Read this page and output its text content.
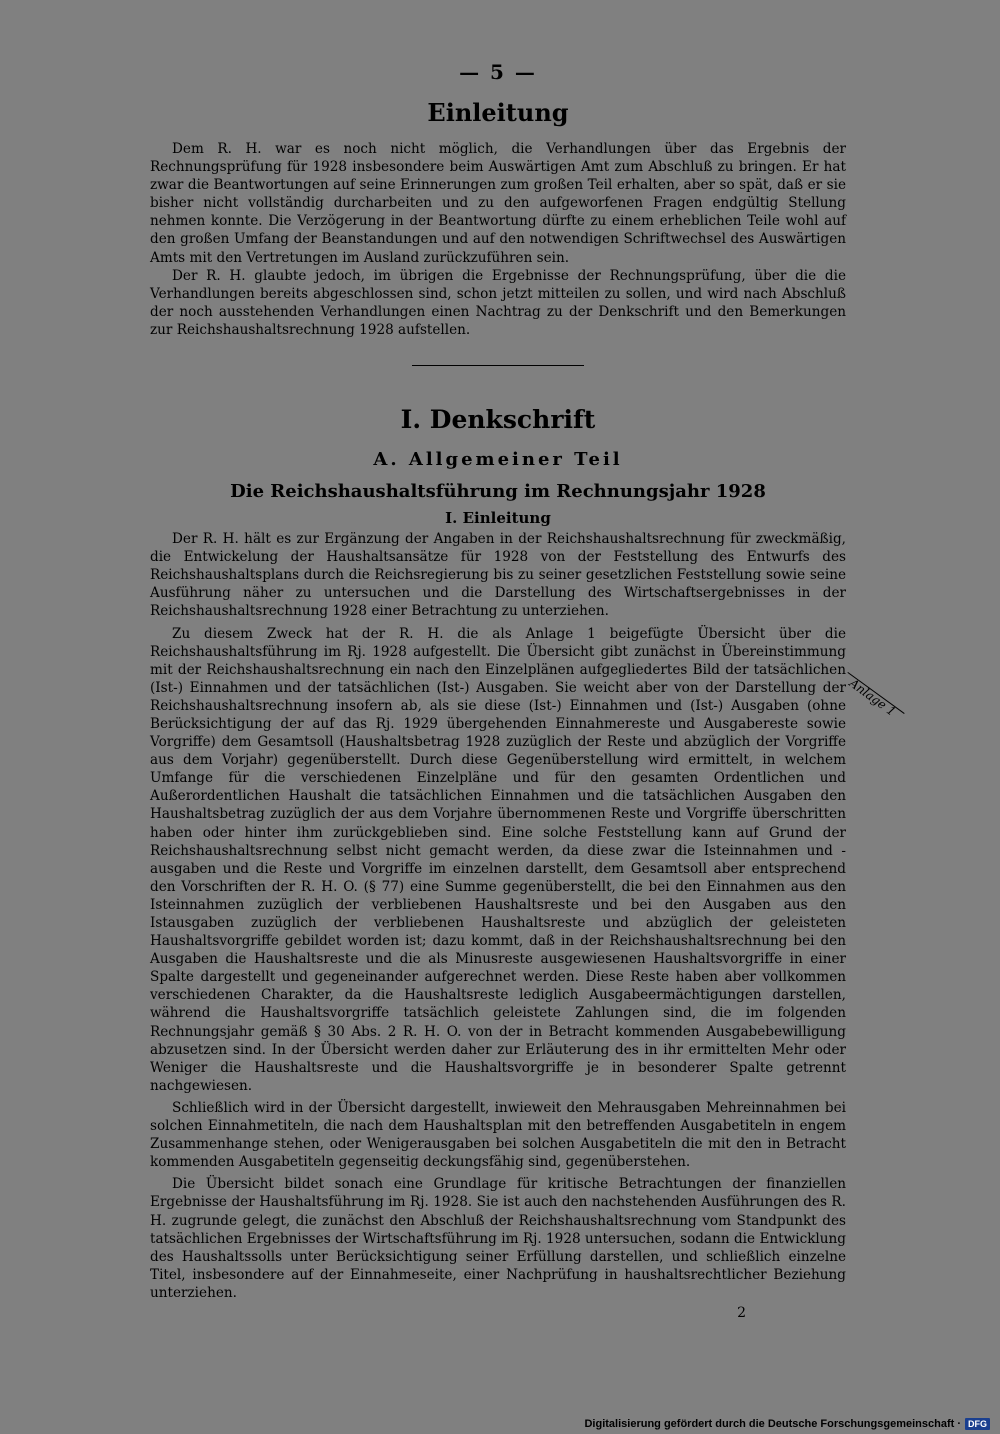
— 5 —
Einleitung

Dem R. H. war es noch nicht möglich, die Verhandlungen über das Ergebnis der Rechnungsprüfung für 1928 insbesondere beim Auswärtigen Amt zum Abschluß zu bringen. Er hat zwar die Beantwortungen auf seine Erinnerungen zum großen Teil erhalten, aber so spät, daß er sie bisher nicht vollständig durcharbeiten und zu den aufgeworfenen Fragen endgültig Stellung nehmen konnte. Die Verzögerung in der Beantwortung dürfte zu einem erheblichen Teile wohl auf den großen Umfang der Beanstandungen und auf den notwendigen Schriftwechsel des Auswärtigen Amts mit den Vertretungen im Ausland zurückzuführen sein.

Der R. H. glaubte jedoch, im übrigen die Ergebnisse der Rechnungsprüfung, über die die Verhandlungen bereits abgeschlossen sind, schon jetzt mitteilen zu sollen, und wird nach Abschluß der noch ausstehenden Verhandlungen einen Nachtrag zu der Denkschrift und den Bemerkungen zur Reichshaushaltsrechnung 1928 aufstellen.

I. Denkschrift
A. Allgemeiner Teil
Die Reichshaushaltsführung im Rechnungsjahr 1928
I. Einleitung

Der R. H. hält es zur Ergänzung der Angaben in der Reichshaushaltsrechnung für zweckmäßig, die Entwickelung der Haushaltsansätze für 1928 von der Feststellung des Entwurfs des Reichshaushaltsplans durch die Reichsregierung bis zu seiner gesetzlichen Feststellung sowie seine Ausführung näher zu untersuchen und die Darstellung des Wirtschaftsergebnisses in der Reichshaushaltsrechnung 1928 einer Betrachtung zu unterziehen.

Zu diesem Zweck hat der R. H. die als Anlage 1 beigefügte Übersicht über die Reichshaushaltsführung im Rj. 1928 aufgestellt. Die Übersicht gibt zunächst in Übereinstimmung mit der Reichshaushaltsrechnung ein nach den Einzelplänen aufgegliedertes Bild der tatsächlichen (Ist-) Einnahmen und der tatsächlichen (Ist-) Ausgaben. Sie weicht aber von der Darstellung der Reichshaushaltsrechnung insofern ab, als sie diese (Ist-) Einnahmen und (Ist-) Ausgaben (ohne Berücksichtigung der auf das Rj. 1929 übergehenden Einnahmereste und Ausgabereste sowie Vorgriffe) dem Gesamtsoll (Haushaltsbetrag 1928 zuzüglich der Reste und abzüglich der Vorgriffe aus dem Vorjahr) gegenüberstellt. Durch diese Gegenüberstellung wird ermittelt, in welchem Umfange für die verschiedenen Einzelpläne und für den gesamten Ordentlichen und Außerordentlichen Haushalt die tatsächlichen Einnahmen und die tatsächlichen Ausgaben den Haushaltsbetrag zuzüglich der aus dem Vorjahre übernommenen Reste und Vorgriffe überschritten haben oder hinter ihm zurückgeblieben sind. Eine solche Feststellung kann auf Grund der Reichshaushaltsrechnung selbst nicht gemacht werden, da diese zwar die Isteinnahmen und -ausgaben und die Reste und Vorgriffe im einzelnen darstellt, dem Gesamtsoll aber entsprechend den Vorschriften der R. H. O. (§ 77) eine Summe gegenüberstellt, die bei den Einnahmen aus den Isteinnahmen zuzüglich der verbliebenen Haushaltsreste und bei den Ausgaben aus den Istausgaben zuzüglich der verbliebenen Haushaltsreste und abzüglich der geleisteten Haushaltsvorgriffe gebildet worden ist; dazu kommt, daß in der Reichshaushaltsrechnung bei den Ausgaben die Haushaltsreste und die als Minusreste ausgewiesenen Haushaltsvorgriffe in einer Spalte dargestellt und gegeneinander aufgerechnet werden. Diese Reste haben aber vollkommen verschiedenen Charakter, da die Haushaltsreste lediglich Ausgabeermächtigungen darstellen, während die Haushaltsvorgriffe tatsächlich geleistete Zahlungen sind, die im folgenden Rechnungsjahr gemäß § 30 Abs. 2 R. H. O. von der in Betracht kommenden Ausgabebewilligung abzusetzen sind. In der Übersicht werden daher zur Erläuterung des in ihr ermittelten Mehr oder Weniger die Haushaltsreste und die Haushaltsvorgriffe je in besonderer Spalte getrennt nachgewiesen.

Schließlich wird in der Übersicht dargestellt, inwieweit den Mehrausgaben Mehreinnahmen bei solchen Einnahmetiteln, die nach dem Haushaltsplan mit den betreffenden Ausgabetiteln in engem Zusammenhange stehen, oder Wenigerausgaben bei solchen Ausgabetiteln die mit den in Betracht kommenden Ausgabetiteln gegenseitig deckungsfähig sind, gegenüberstehen.

Die Übersicht bildet sonach eine Grundlage für kritische Betrachtungen der finanziellen Ergebnisse der Haushaltsführung im Rj. 1928. Sie ist auch den nachstehenden Ausführungen des R. H. zugrunde gelegt, die zunächst den Abschluß der Reichshaushaltsrechnung vom Standpunkt des tatsächlichen Ergebnisses der Wirtschaftsführung im Rj. 1928 untersuchen, sodann die Entwicklung des Haushaltssolls unter Berücksichtigung seiner Erfüllung darstellen, und schließlich einzelne Titel, insbesondere auf der Einnahmeseite, einer Nachprüfung in haushaltsrechtlicher Beziehung unterziehen.

2
Anlage 1
Digitalisierung gefördert durch die Deutsche Forschungsgemeinschaft · DFG
